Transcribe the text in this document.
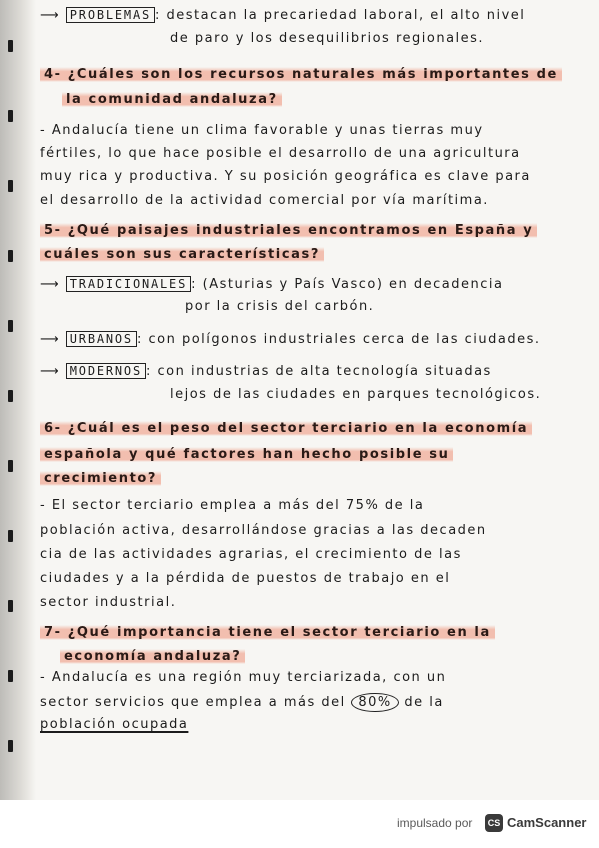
⟶ PROBLEMAS : destacan la precariedad laboral, el alto nivel
de paro y los desequilibrios regionales.
4- ¿Cuáles son los recursos naturales más importantes de
la comunidad andaluza?
- Andalucía tiene un clima favorable y unas tierras muy
fértiles, lo que hace posible el desarrollo de una agricultura
muy rica y productiva. Y su posición geográfica es clave para
el desarrollo de la actividad comercial por vía marítima.
5- ¿Qué paisajes industriales encontramos en España y
cuáles son sus características?
⟶ TRADICIONALES : (Asturias y País Vasco) en decadencia
por la crisis del carbón.
⟶ URBANOS : con polígonos industriales cerca de las ciudades.
⟶ MODERNOS : con industrias de alta tecnología situadas
lejos de las ciudades en parques tecnológicos.
6- ¿Cuál es el peso del sector terciario en la economía
española y qué factores han hecho posible su
crecimiento?
- El sector terciario emplea a más del 75% de la
población activa, desarrollándose gracias a las decaden
cia de las actividades agrarias, el crecimiento de las
ciudades y a la pérdida de puestos de trabajo en el
sector industrial.
7- ¿Qué importancia tiene el sector terciario en la
economía andaluza?
- Andalucía es una región muy terciarizada, con un
sector servicios que emplea a más del 80% de la
población ocupada
impulsado por	CS CamScanner
